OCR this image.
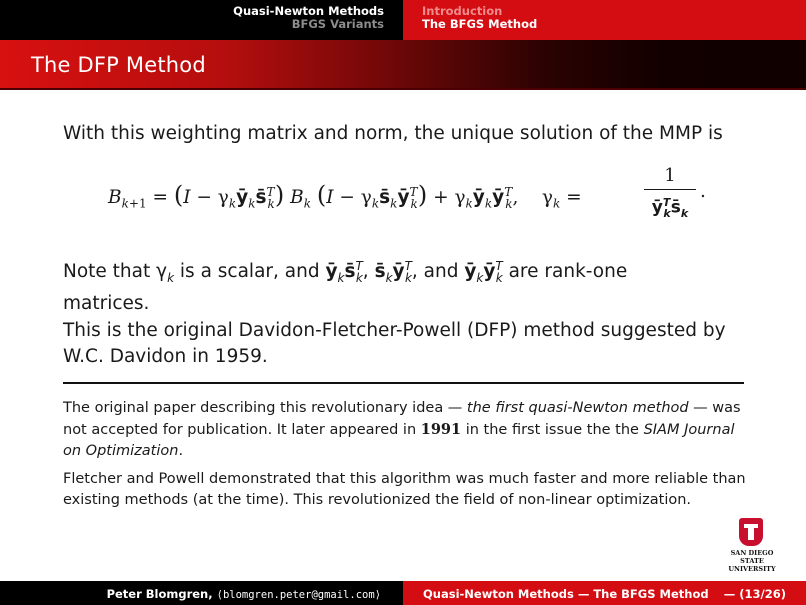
Quasi-Newton Methods
BFGS Variants
Introduction
The BFGS Method
The DFP Method
With this weighting matrix and norm, the unique solution of the MMP is
$B_{k+1} = (I$ − $\gamma_kȳ_ks̄^T_k$) $B_k$ $(I - \gamma_ks̄_kȳ^T_k)$ + $\gamma_kȳ_kȳ^T_k$,    $\gamma_k$ =
1
$ȳ^T_ks̄_k$
.
Note that $\gamma_k$ is a scalar, and $ȳ_ks̄^T_k$, $s̄_kȳ^T_k$, and $ȳ_kȳ^T_k$ are rank-one
matrices.
This is the original Davidon-Fletcher-Powell (DFP) method suggested by W.C. Davidon in 1959.
The original paper describing this revolutionary idea — the first quasi-Newton method — was not accepted for publication. It later appeared in 1991 in the first issue the the SIAM Journal on Optimization.
Fletcher and Powell demonstrated that this algorithm was much faster and more reliable than existing methods (at the time). This revolutionized the field of non-linear optimization.
SAN DIEGO STATE
UNIVERSITY
Peter Blomgren, ⟨blomgren.peter@gmail.com⟩	Quasi-Newton Methods — The BFGS Method — (13/26)
